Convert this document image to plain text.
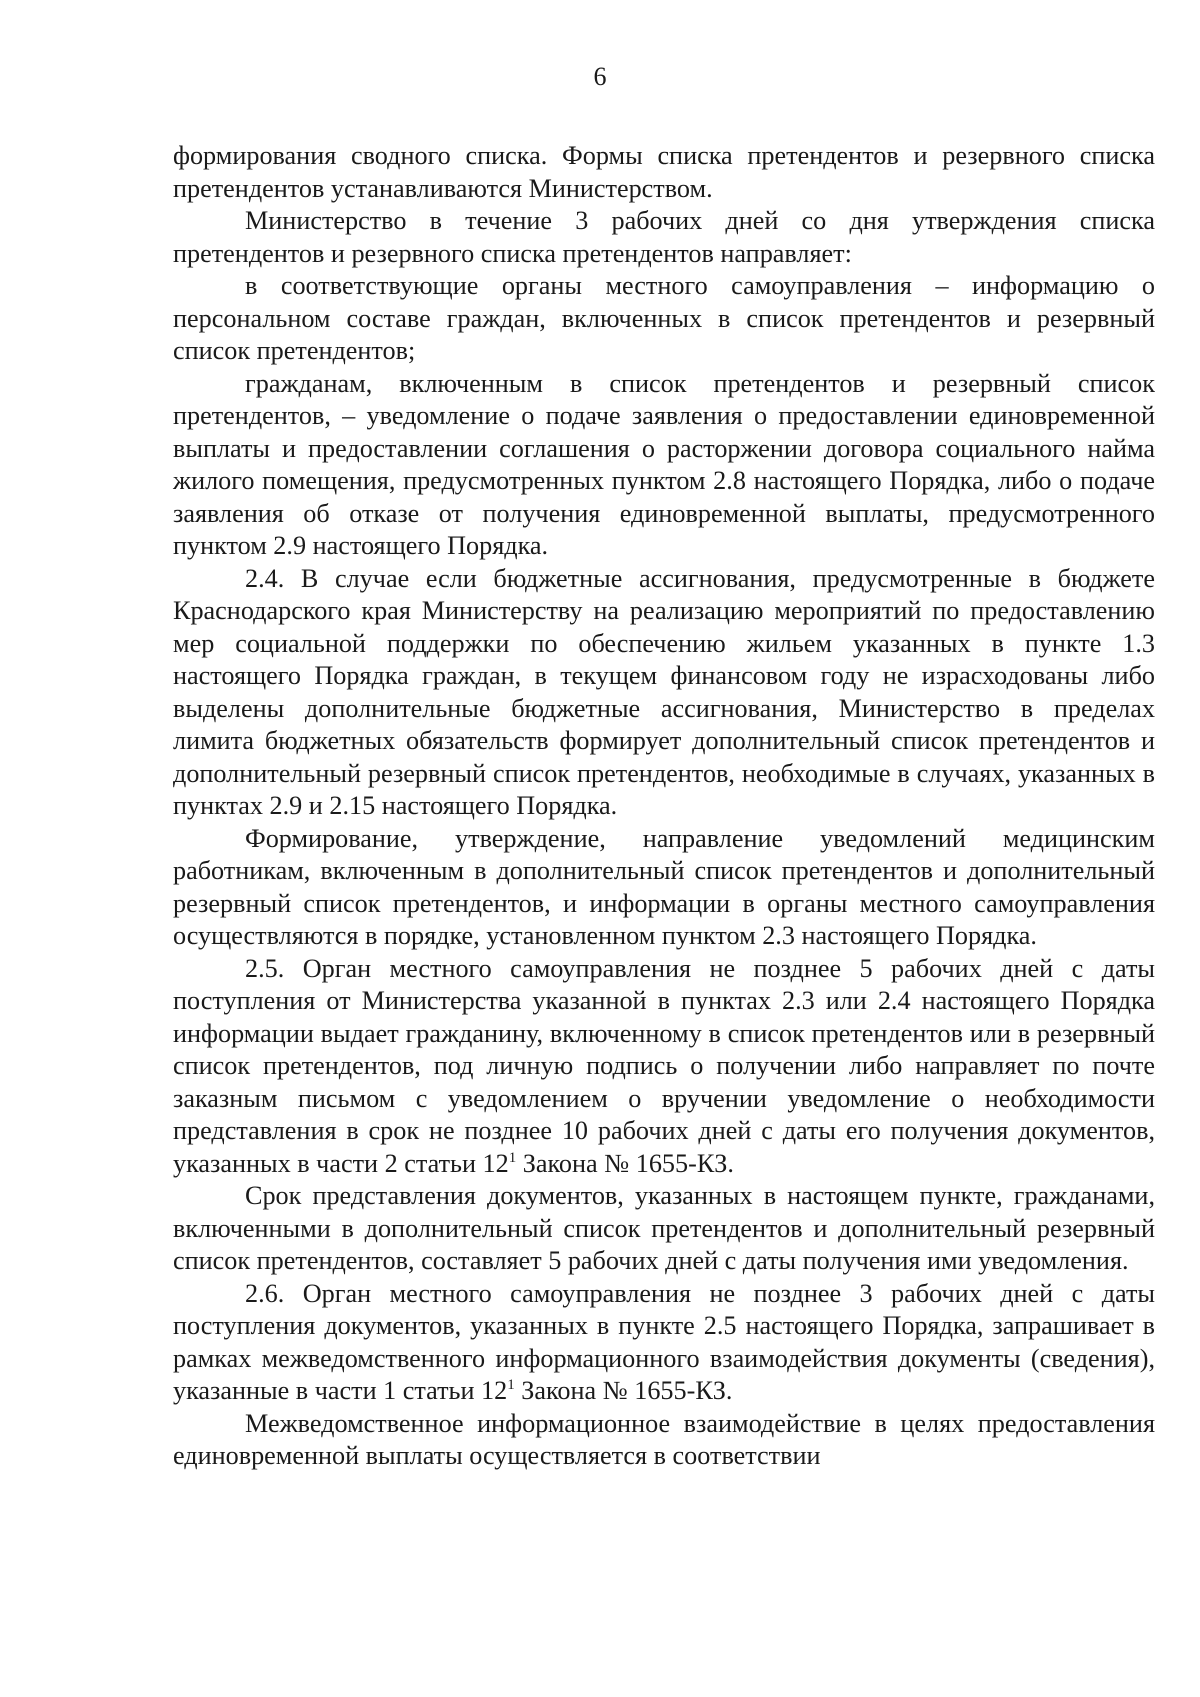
6

формирования сводного списка. Формы списка претендентов и резервного списка претендентов устанавливаются Министерством.

Министерство в течение 3 рабочих дней со дня утверждения списка претендентов и резервного списка претендентов направляет:

в соответствующие органы местного самоуправления – информацию о персональном составе граждан, включенных в список претендентов и резервный список претендентов;

гражданам, включенным в список претендентов и резервный список претендентов, – уведомление о подаче заявления о предоставлении единовременной выплаты и предоставлении соглашения о расторжении договора социального найма жилого помещения, предусмотренных пунктом 2.8 настоящего Порядка, либо о подаче заявления об отказе от получения единовременной выплаты, предусмотренного пунктом 2.9 настоящего Порядка.

2.4. В случае если бюджетные ассигнования, предусмотренные в бюджете Краснодарского края Министерству на реализацию мероприятий по предоставлению мер социальной поддержки по обеспечению жильем указанных в пункте 1.3 настоящего Порядка граждан, в текущем финансовом году не израсходованы либо выделены дополнительные бюджетные ассигнования, Министерство в пределах лимита бюджетных обязательств формирует дополнительный список претендентов и дополнительный резервный список претендентов, необходимые в случаях, указанных в пунктах 2.9 и 2.15 настоящего Порядка.

Формирование, утверждение, направление уведомлений медицинским работникам, включенным в дополнительный список претендентов и дополнительный резервный список претендентов, и информации в органы местного самоуправления осуществляются в порядке, установленном пунктом 2.3 настоящего Порядка.

2.5. Орган местного самоуправления не позднее 5 рабочих дней с даты поступления от Министерства указанной в пунктах 2.3 или 2.4 настоящего Порядка информации выдает гражданину, включенному в список претендентов или в резервный список претендентов, под личную подпись о получении либо направляет по почте заказным письмом с уведомлением о вручении уведомление о необходимости представления в срок не позднее 10 рабочих дней с даты его получения документов, указанных в части 2 статьи $12^1$ Закона № 1655-КЗ.

Срок представления документов, указанных в настоящем пункте, гражданами, включенными в дополнительный список претендентов и дополнительный резервный список претендентов, составляет 5 рабочих дней с даты получения ими уведомления.

2.6. Орган местного самоуправления не позднее 3 рабочих дней с даты поступления документов, указанных в пункте 2.5 настоящего Порядка, запрашивает в рамках межведомственного информационного взаимодействия документы (сведения), указанные в части 1 статьи $12^1$ Закона № 1655-КЗ.

Межведомственное информационное взаимодействие в целях предоставления единовременной выплаты осуществляется в соответствии
